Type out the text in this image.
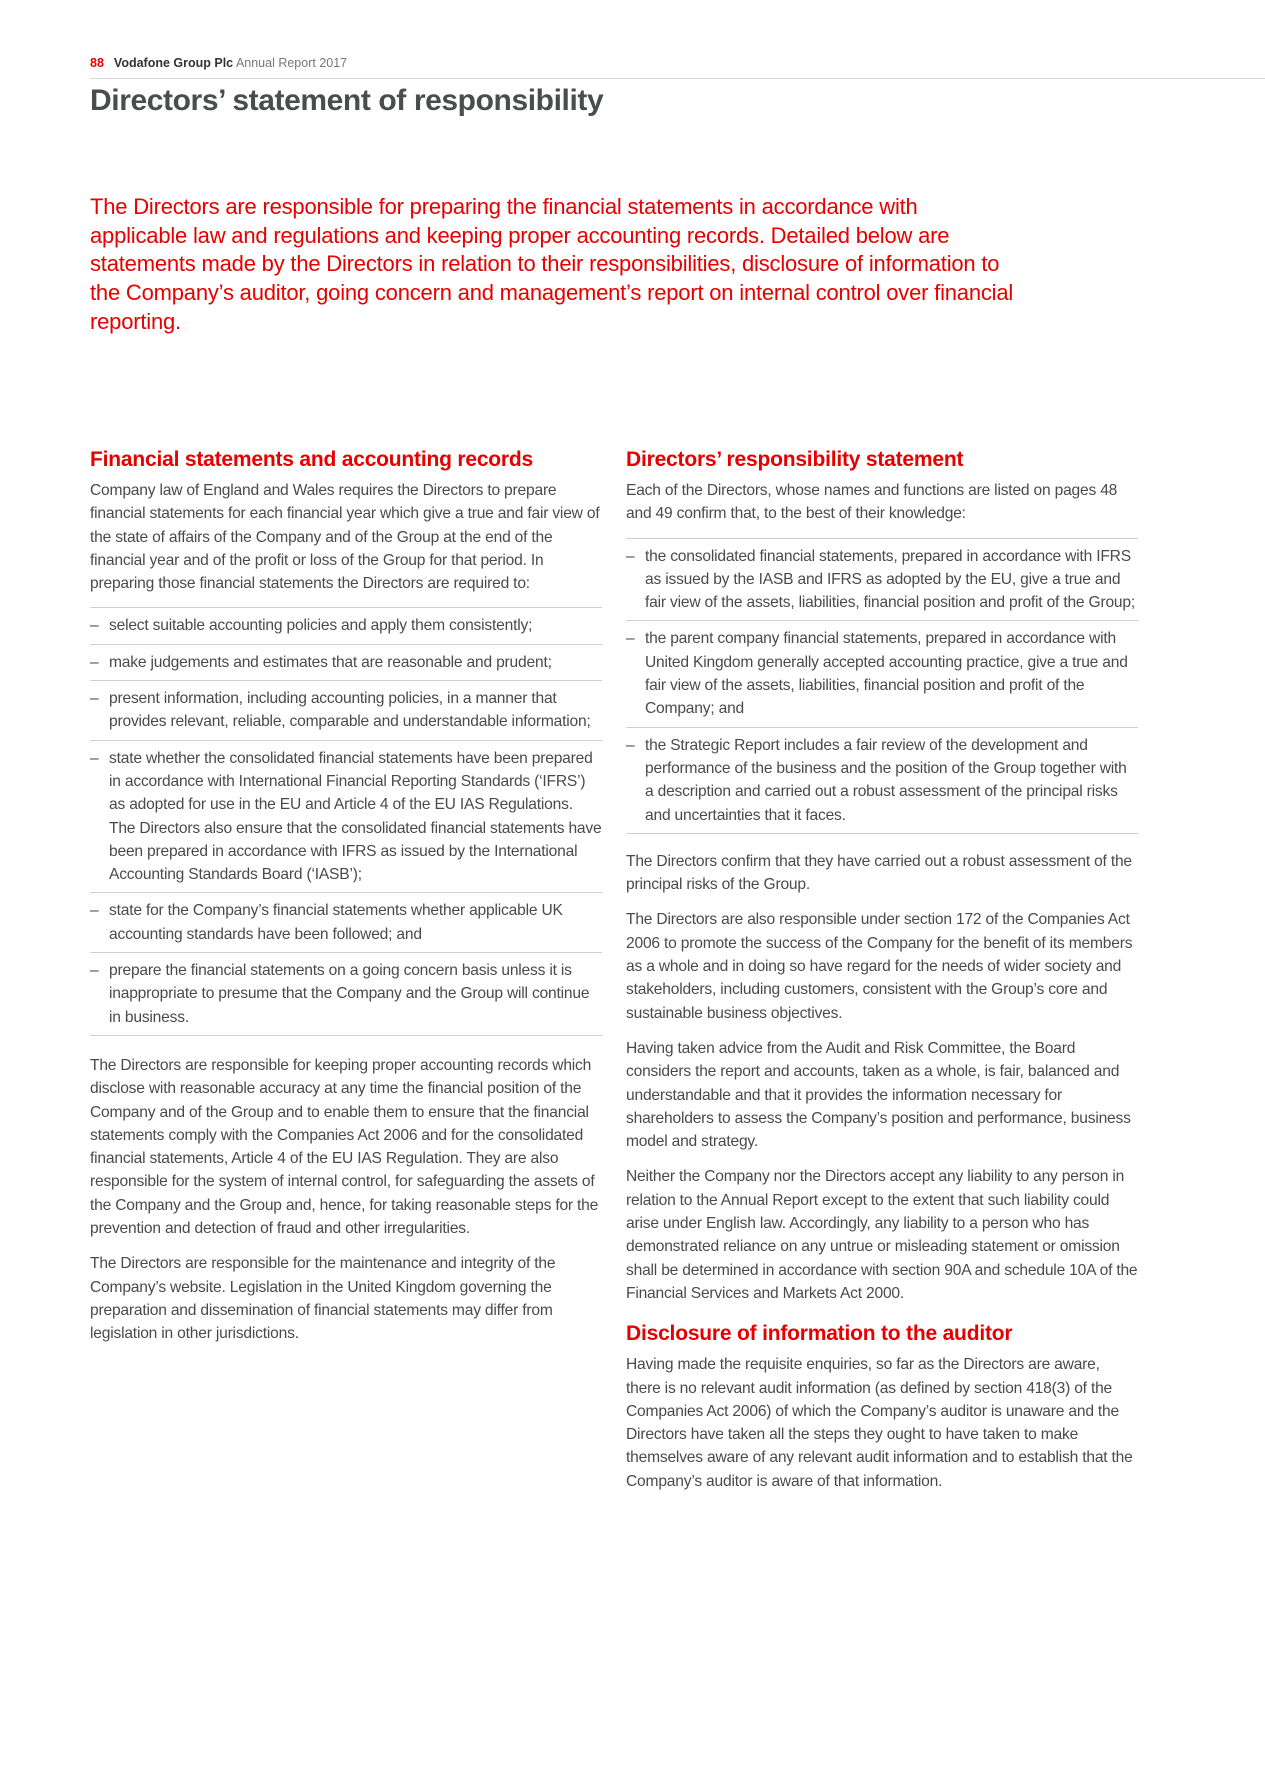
88 Vodafone Group Plc Annual Report 2017
Directors’ statement of responsibility

The Directors are responsible for preparing the financial statements in accordance with applicable law and regulations and keeping proper accounting records. Detailed below are statements made by the Directors in relation to their responsibilities, disclosure of information to the Company’s auditor, going concern and management’s report on internal control over financial reporting.

Financial statements and accounting records

Company law of England and Wales requires the Directors to prepare financial statements for each financial year which give a true and fair view of the state of affairs of the Company and of the Group at the end of the financial year and of the profit or loss of the Group for that period. In preparing those financial statements the Directors are required to:

– select suitable accounting policies and apply them consistently;
– make judgements and estimates that are reasonable and prudent;
– present information, including accounting policies, in a manner that provides relevant, reliable, comparable and understandable information;
– state whether the consolidated financial statements have been prepared in accordance with International Financial Reporting Standards (‘IFRS’) as adopted for use in the EU and Article 4 of the EU IAS Regulations. The Directors also ensure that the consolidated financial statements have been prepared in accordance with IFRS as issued by the International Accounting Standards Board (‘IASB’);
– state for the Company’s financial statements whether applicable UK accounting standards have been followed; and
– prepare the financial statements on a going concern basis unless it is inappropriate to presume that the Company and the Group will continue in business.

The Directors are responsible for keeping proper accounting records which disclose with reasonable accuracy at any time the financial position of the Company and of the Group and to enable them to ensure that the financial statements comply with the Companies Act 2006 and for the consolidated financial statements, Article 4 of the EU IAS Regulation. They are also responsible for the system of internal control, for safeguarding the assets of the Company and the Group and, hence, for taking reasonable steps for the prevention and detection of fraud and other irregularities.

The Directors are responsible for the maintenance and integrity of the Company’s website. Legislation in the United Kingdom governing the preparation and dissemination of financial statements may differ from legislation in other jurisdictions.

Directors’ responsibility statement

Each of the Directors, whose names and functions are listed on pages 48 and 49 confirm that, to the best of their knowledge:

– the consolidated financial statements, prepared in accordance with IFRS as issued by the IASB and IFRS as adopted by the EU, give a true and fair view of the assets, liabilities, financial position and profit of the Group;
– the parent company financial statements, prepared in accordance with United Kingdom generally accepted accounting practice, give a true and fair view of the assets, liabilities, financial position and profit of the Company; and
– the Strategic Report includes a fair review of the development and performance of the business and the position of the Group together with a description and carried out a robust assessment of the principal risks and uncertainties that it faces.

The Directors confirm that they have carried out a robust assessment of the principal risks of the Group.

The Directors are also responsible under section 172 of the Companies Act 2006 to promote the success of the Company for the benefit of its members as a whole and in doing so have regard for the needs of wider society and stakeholders, including customers, consistent with the Group’s core and sustainable business objectives.

Having taken advice from the Audit and Risk Committee, the Board considers the report and accounts, taken as a whole, is fair, balanced and understandable and that it provides the information necessary for shareholders to assess the Company’s position and performance, business model and strategy.

Neither the Company nor the Directors accept any liability to any person in relation to the Annual Report except to the extent that such liability could arise under English law. Accordingly, any liability to a person who has demonstrated reliance on any untrue or misleading statement or omission shall be determined in accordance with section 90A and schedule 10A of the Financial Services and Markets Act 2000.

Disclosure of information to the auditor

Having made the requisite enquiries, so far as the Directors are aware, there is no relevant audit information (as defined by section 418(3) of the Companies Act 2006) of which the Company’s auditor is unaware and the Directors have taken all the steps they ought to have taken to make themselves aware of any relevant audit information and to establish that the Company’s auditor is aware of that information.
